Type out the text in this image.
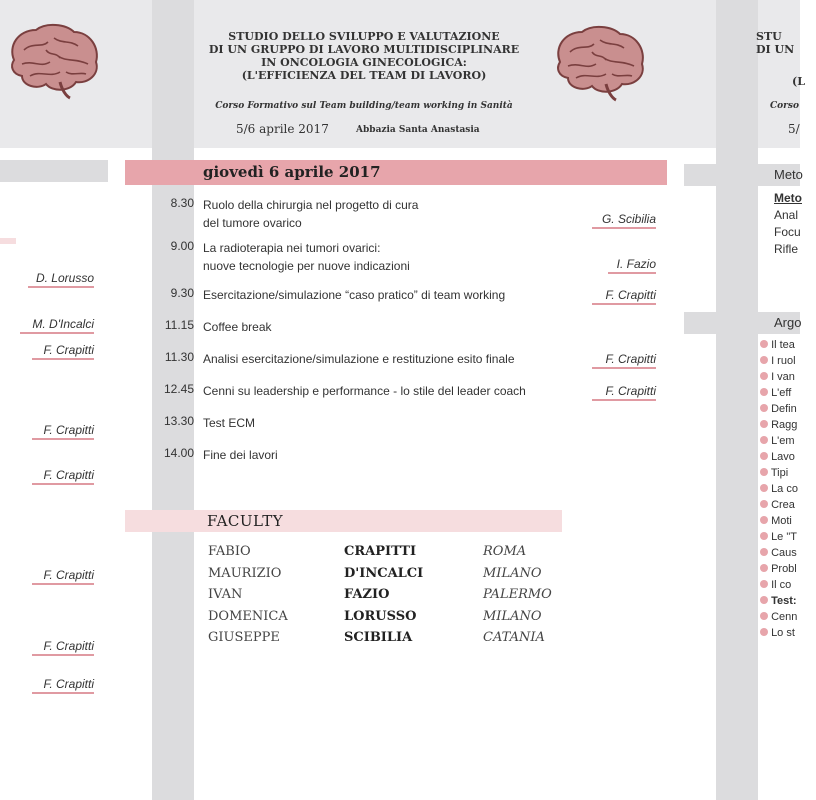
STUDIO DELLO SVILUPPO E VALUTAZIONE
DI UN GRUPPO DI LAVORO MULTIDISCIPLINARE
IN ONCOLOGIA GINECOLOGICA:
(L'EFFICIENZA DEL TEAM DI LAVORO)
Corso Formativo sul Team building/team working in Sanità
5/6 aprile 2017	Abbazia Santa Anastasia
STU
DI UN
(L
Corso
5/
D. Lorusso
M. D'Incalci
F. Crapitti
F. Crapitti
F. Crapitti
F. Crapitti
F. Crapitti
F. Crapitti
giovedì 6 aprile 2017
8.30 Ruolo della chirurgia nel progetto di cura
del tumore ovarico	G. Scibilia
9.00 La radioterapia nei tumori ovarici:
nuove tecnologie per nuove indicazioni	I. Fazio
9.30 Esercitazione/simulazione “caso pratico” di team working	F. Crapitti
11.15 Coffee break
11.30 Analisi esercitazione/simulazione e restituzione esito finale	F. Crapitti
12.45 Cenni su leadership e performance - lo stile del leader coach	F. Crapitti
13.30 Test ECM
14.00 Fine dei lavori
FACULTY
FABIO	CRAPITTI	ROMA
MAURIZIO	D'INCALCI	MILANO
IVAN	FAZIO	PALERMO
DOMENICA	LORUSSO	MILANO
GIUSEPPE	SCIBILIA	CATANIA
Meto
Meto
Anal
Focu
Rifle
Argo
Il tea
I ruol
I van
L'eff
Defin
Ragg
L'em
Lavo
Tipi
La co
Crea
Moti
Le "T
Caus
Probl
Il co
Test:
Cenn
Lo st
